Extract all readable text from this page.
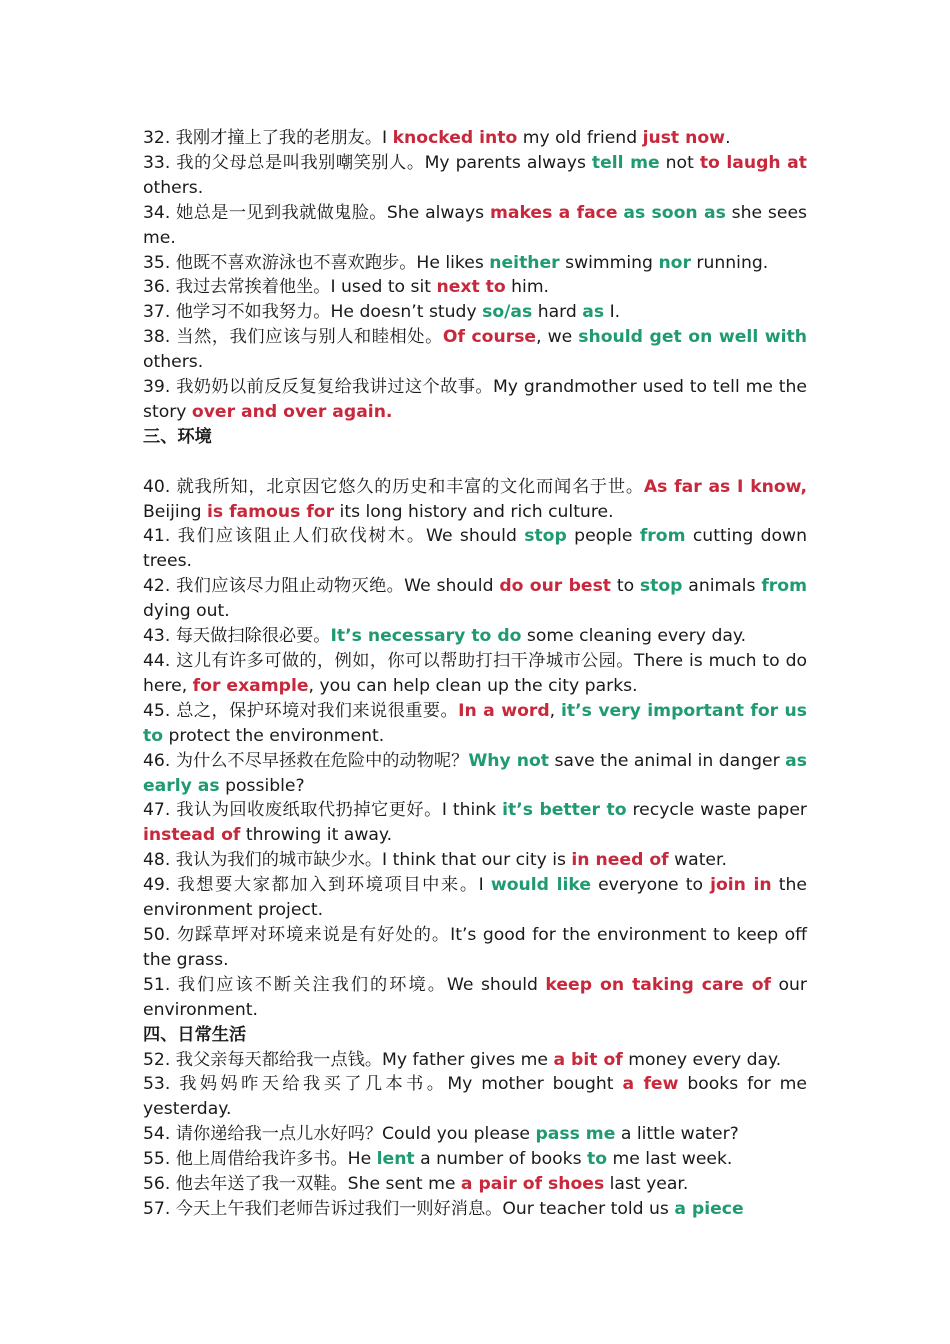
32. 我刚才撞上了我的老朋友。I knocked into my old friend just now.
33. 我的父母总是叫我别嘲笑别人。My parents always tell me not to laugh at others.
34. 她总是一见到我就做鬼脸。She always makes a face as soon as she sees me.
35. 他既不喜欢游泳也不喜欢跑步。He likes neither swimming nor running.
36. 我过去常挨着他坐。I used to sit next to him.
37. 他学习不如我努力。He doesn’t study so/as hard as I.
38. 当然，我们应该与别人和睦相处。Of course, we should get on well with others.
39. 我奶奶以前反反复复给我讲过这个故事。My grandmother used to tell me the story over and over again.
三、环境
40. 就我所知，北京因它悠久的历史和丰富的文化而闻名于世。As far as I know, Beijing is famous for its long history and rich culture.
41. 我们应该阻止人们砍伐树木。We should stop people from cutting down trees.
42. 我们应该尽力阻止动物灭绝。We should do our best to stop animals from dying out.
43. 每天做扫除很必要。It’s necessary to do some cleaning every day.
44. 这儿有许多可做的，例如，你可以帮助打扫干净城市公园。There is much to do here, for example, you can help clean up the city parks.
45. 总之，保护环境对我们来说很重要。In a word, it’s very important for us to protect the environment.
46. 为什么不尽早拯救在危险中的动物呢？Why not save the animal in danger as early as possible?
47. 我认为回收废纸取代扔掉它更好。I think it’s better to recycle waste paper instead of throwing it away.
48. 我认为我们的城市缺少水。I think that our city is in need of water.
49. 我想要大家都加入到环境项目中来。I would like everyone to join in the environment project.
50. 勿踩草坪对环境来说是有好处的。It’s good for the environment to keep off the grass.
51. 我们应该不断关注我们的环境。We should keep on taking care of our environment.
四、日常生活
52. 我父亲每天都给我一点钱。My father gives me a bit of money every day.
53. 我妈妈昨天给我买了几本书。My mother bought a few books for me yesterday.
54. 请你递给我一点儿水好吗？Could you please pass me a little water?
55. 他上周借给我许多书。He lent a number of books to me last week.
56. 他去年送了我一双鞋。She sent me a pair of shoes last year.
57. 今天上午我们老师告诉过我们一则好消息。Our teacher told us a piece
